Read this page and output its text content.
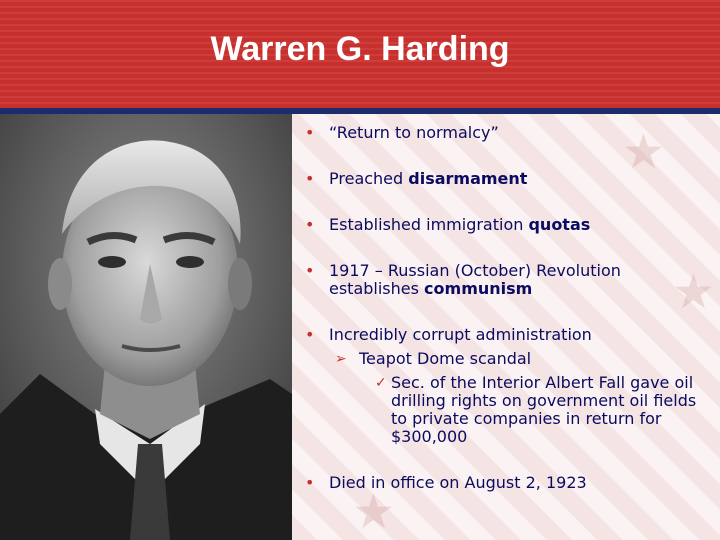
Warren G. Harding
★
★
★
• “Return to normalcy”
• Preached disarmament
• Established immigration quotas
• 1917 – Russian (October) Revolution establishes communism
• Incredibly corrupt administration
➢ Teapot Dome scandal
✓ Sec. of the Interior Albert Fall gave oil drilling rights on government oil fields to private companies in return for $300,000
• Died in office on August 2, 1923
